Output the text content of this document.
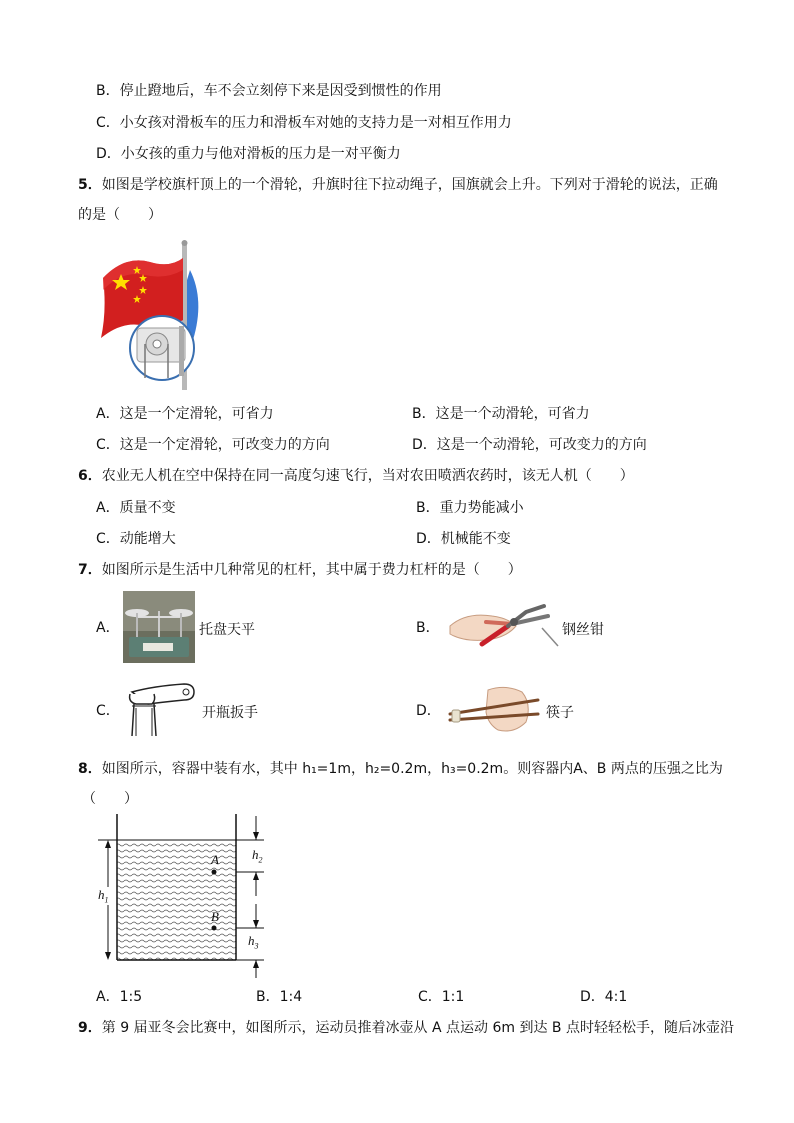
B．停止蹬地后，车不会立刻停下来是因受到惯性的作用
C．小女孩对滑板车的压力和滑板车对她的支持力是一对相互作用力
D．小女孩的重力与他对滑板的压力是一对平衡力
5．如图是学校旗杆顶上的一个滑轮，升旗时往下拉动绳子，国旗就会上升。下列对于滑轮的说法，正确
的是（　　）
A．这是一个定滑轮，可省力	B．这是一个动滑轮，可省力
C．这是一个定滑轮，可改变力的方向	D．这是一个动滑轮，可改变力的方向
6．农业无人机在空中保持在同一高度匀速飞行，当对农田喷洒农药时，该无人机（　　）
A．质量不变	B．重力势能减小
C．动能增大	D．机械能不变
7．如图所示是生活中几种常见的杠杆，其中属于费力杠杆的是（　　）
A．	托盘天平	B．	钢丝钳
C．	开瓶扳手	D．	筷子
8．如图所示，容器中装有水，其中 h₁=1m，h₂=0.2m，h₃=0.2m。则容器内A、B 两点的压强之比为
（　　）
A
B
$h_1$
$h_2$
$h_3$
A．1:5	B．1:4	C．1:1	D．4:1
9．第 9 届亚冬会比赛中，如图所示，运动员推着冰壶从 A 点运动 6m 到达 B 点时轻轻松手，随后冰壶沿
